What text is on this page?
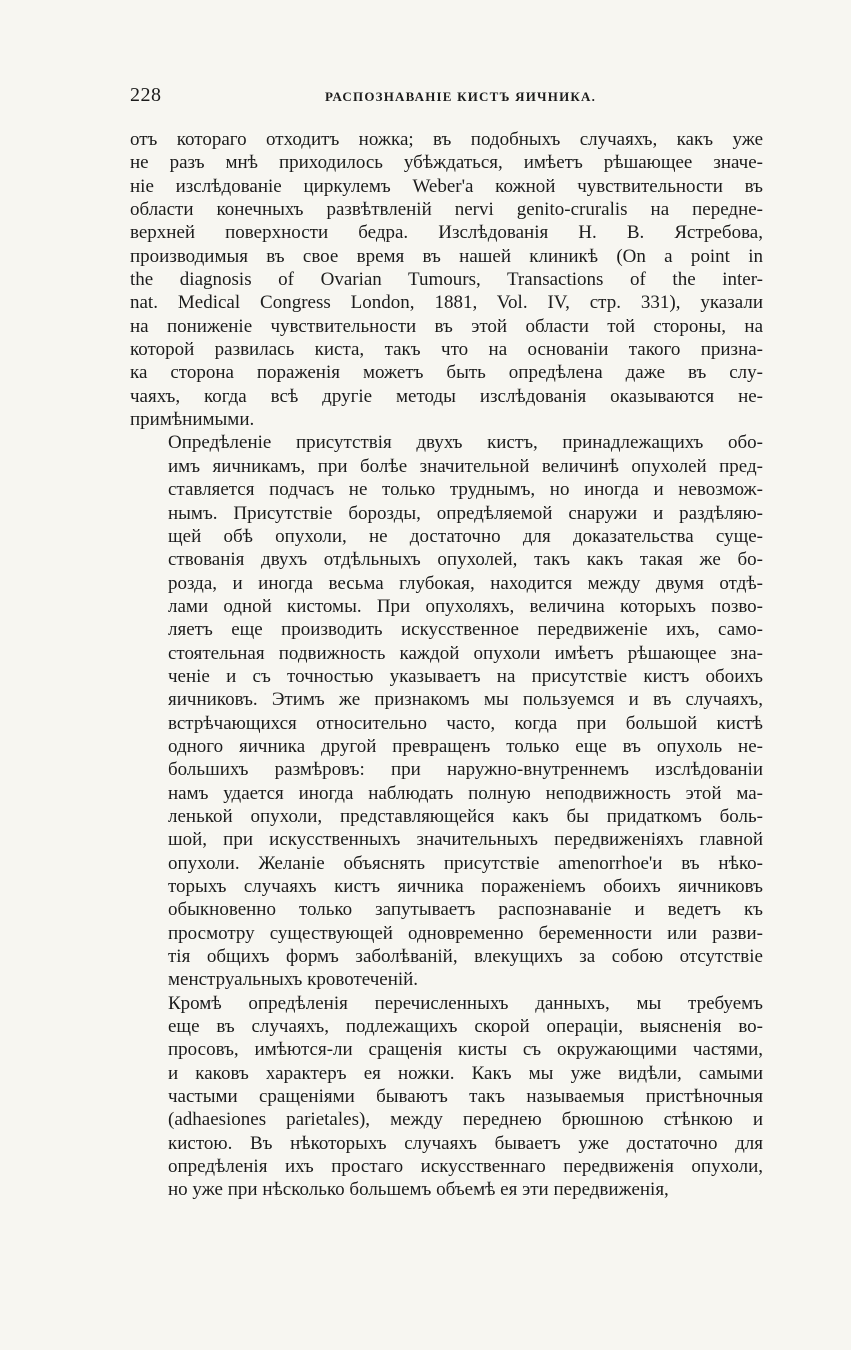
228	РАСПОЗНАВАНІЕ КИСТЪ ЯИЧНИКА.
отъ котораго отходитъ ножка; въ подобныхъ случаяхъ, какъ уже
не разъ мнѣ приходилось убѣждаться, имѣетъ рѣшающее значе-
ніе изслѣдованіе циркулемъ Weber'а кожной чувствительности въ
области конечныхъ развѣтвленій nervi genito-cruralis на передне-
верхней поверхности бедра. Изслѣдованія Н. В. Ястребова,
производимыя въ свое время въ нашей клиникѣ (On a point in
the diagnosis of Ovarian Tumours, Transactions of the inter-
nat. Medical Congress London, 1881, Vol. IV, стр. 331), указали
на пониженіе чувствительности въ этой области той стороны, на
которой развилась киста, такъ что на основаніи такого призна-
ка сторона пораженія можетъ быть опредѣлена даже въ слу-
чаяхъ, когда всѣ другіе методы изслѣдованія оказываются не-
примѣнимыми.
Опредѣленіе присутствія двухъ кистъ, принадлежащихъ обо-
имъ яичникамъ, при болѣе значительной величинѣ опухолей пред-
ставляется подчасъ не только труднымъ, но иногда и невозмож-
нымъ. Присутствіе борозды, опредѣляемой снаружи и раздѣляю-
щей обѣ опухоли, не достаточно для доказательства суще-
ствованія двухъ отдѣльныхъ опухолей, такъ какъ такая же бо-
розда, и иногда весьма глубокая, находится между двумя отдѣ-
лами одной кистомы. При опухоляхъ, величина которыхъ позво-
ляетъ еще производить искусственное передвиженіе ихъ, само-
стоятельная подвижность каждой опухоли имѣетъ рѣшающее зна-
ченіе и съ точностью указываетъ на присутствіе кистъ обоихъ
яичниковъ. Этимъ же признакомъ мы пользуемся и въ случаяхъ,
встрѣчающихся относительно часто, когда при большой кистѣ
одного яичника другой превращенъ только еще въ опухоль не-
большихъ размѣровъ: при наружно-внутреннемъ изслѣдованіи
намъ удается иногда наблюдать полную неподвижность этой ма-
ленькой опухоли, представляющейся какъ бы придаткомъ боль-
шой, при искусственныхъ значительныхъ передвиженіяхъ главной
опухоли. Желаніе объяснять присутствіе amenorrhoe'и въ нѣко-
торыхъ случаяхъ кистъ яичника пораженіемъ обоихъ яичниковъ
обыкновенно только запутываетъ распознаваніе и ведетъ къ
просмотру существующей одновременно беременности или разви-
тія общихъ формъ заболѣваній, влекущихъ за собою отсутствіе
менструальныхъ кровотеченій.
Кромѣ опредѣленія перечисленныхъ данныхъ, мы требуемъ
еще въ случаяхъ, подлежащихъ скорой операціи, выясненія во-
просовъ, имѣются-ли сращенія кисты съ окружающими частями,
и каковъ характеръ ея ножки. Какъ мы уже видѣли, самыми
частыми сращеніями бываютъ такъ называемыя пристѣночныя
(adhaesiones parietales), между переднею брюшною стѣнкою и
кистою. Въ нѣкоторыхъ случаяхъ бываетъ уже достаточно для
опредѣленія ихъ простаго искусственнаго передвиженія опухоли,
но уже при нѣсколько большемъ объемѣ ея эти передвиженія,
